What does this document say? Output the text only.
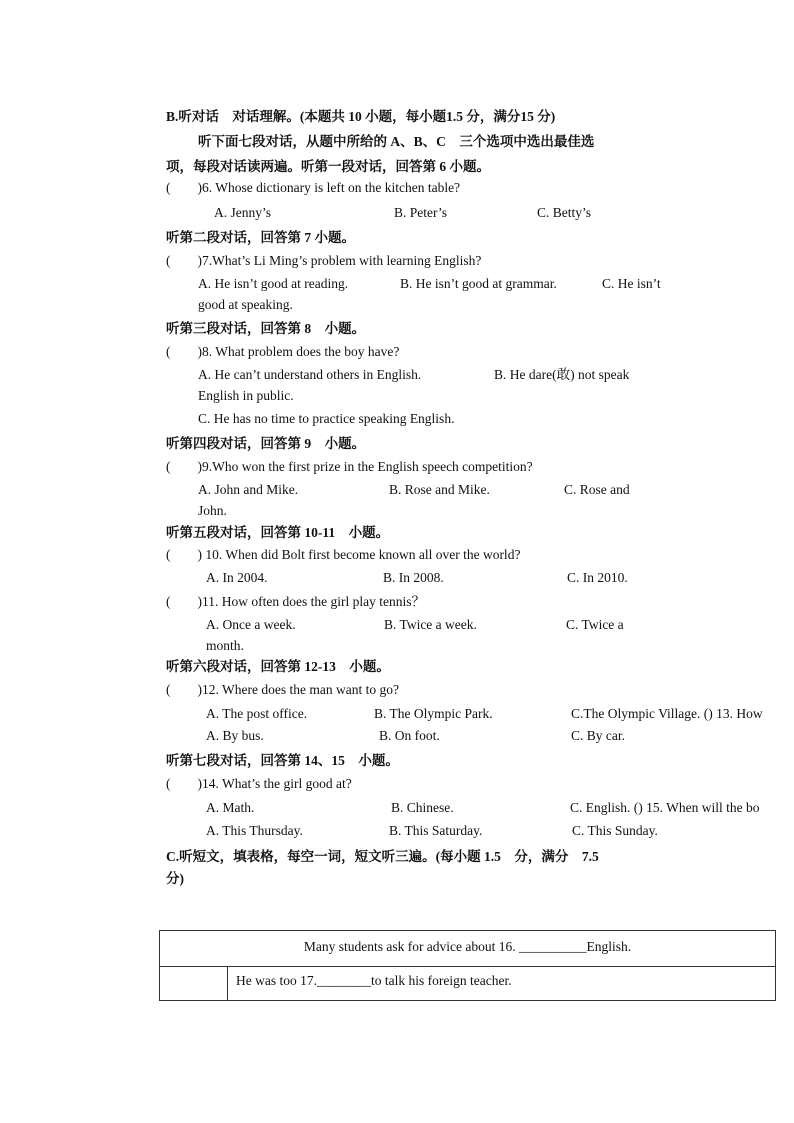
B.听对话　对话理解。(本题共 10 小题，每小题1.5 分，满分15 分)
听下面七段对话，从题中所给的 A、B、C　三个选项中选出最佳选
项，每段对话读两遍。听第一段对话，回答第 6 小题。
(　　)6. Whose dictionary is left on the kitchen table?
A. Jenny’s	B. Peter’s	C. Betty’s
听第二段对话，回答第 7 小题。
(　　)7.What’s Li Ming’s problem with learning English?
A. He isn’t good at reading.	B. He isn’t good at grammar.	C. He isn’t
good at speaking.
听第三段对话，回答第 8　小题。
(　　)8. What problem does the boy have?
A. He can’t understand others in English.	B. He dare(敢) not speak
English in public.
C. He has no time to practice speaking English.
听第四段对话，回答第 9　小题。
(　　)9.Who won the first prize in the English speech competition?
A. John and Mike.	B. Rose and Mike.	C. Rose and
John.
听第五段对话，回答第 10-11　小题。
(　　) 10. When did Bolt first become known all over the world?
A. In 2004.	B. In 2008.	C. In 2010.
(　　)11. How often does the girl play tennis？
A. Once a week.	B. Twice a week.	C. Twice a
month.
听第六段对话，回答第 12-13　小题。
(　　)12. Where does the man want to go?
A. The post office.	B. The Olympic Park.	C.The Olympic Village. () 13. How
A. By bus.	B. On foot.	C. By car.
听第七段对话，回答第 14、15　小题。
(　　)14. What’s the girl good at?
A. Math.	B. Chinese.	C. English. () 15. When will the bo
A. This Thursday.	B. This Saturday.	C. This Sunday.
C.听短文，填表格，每空一词，短文听三遍。(每小题 1.5　分，满分　7.5
分)
Many students ask for advice about 16. __________English.
He was too 17.________to talk his foreign teacher.
